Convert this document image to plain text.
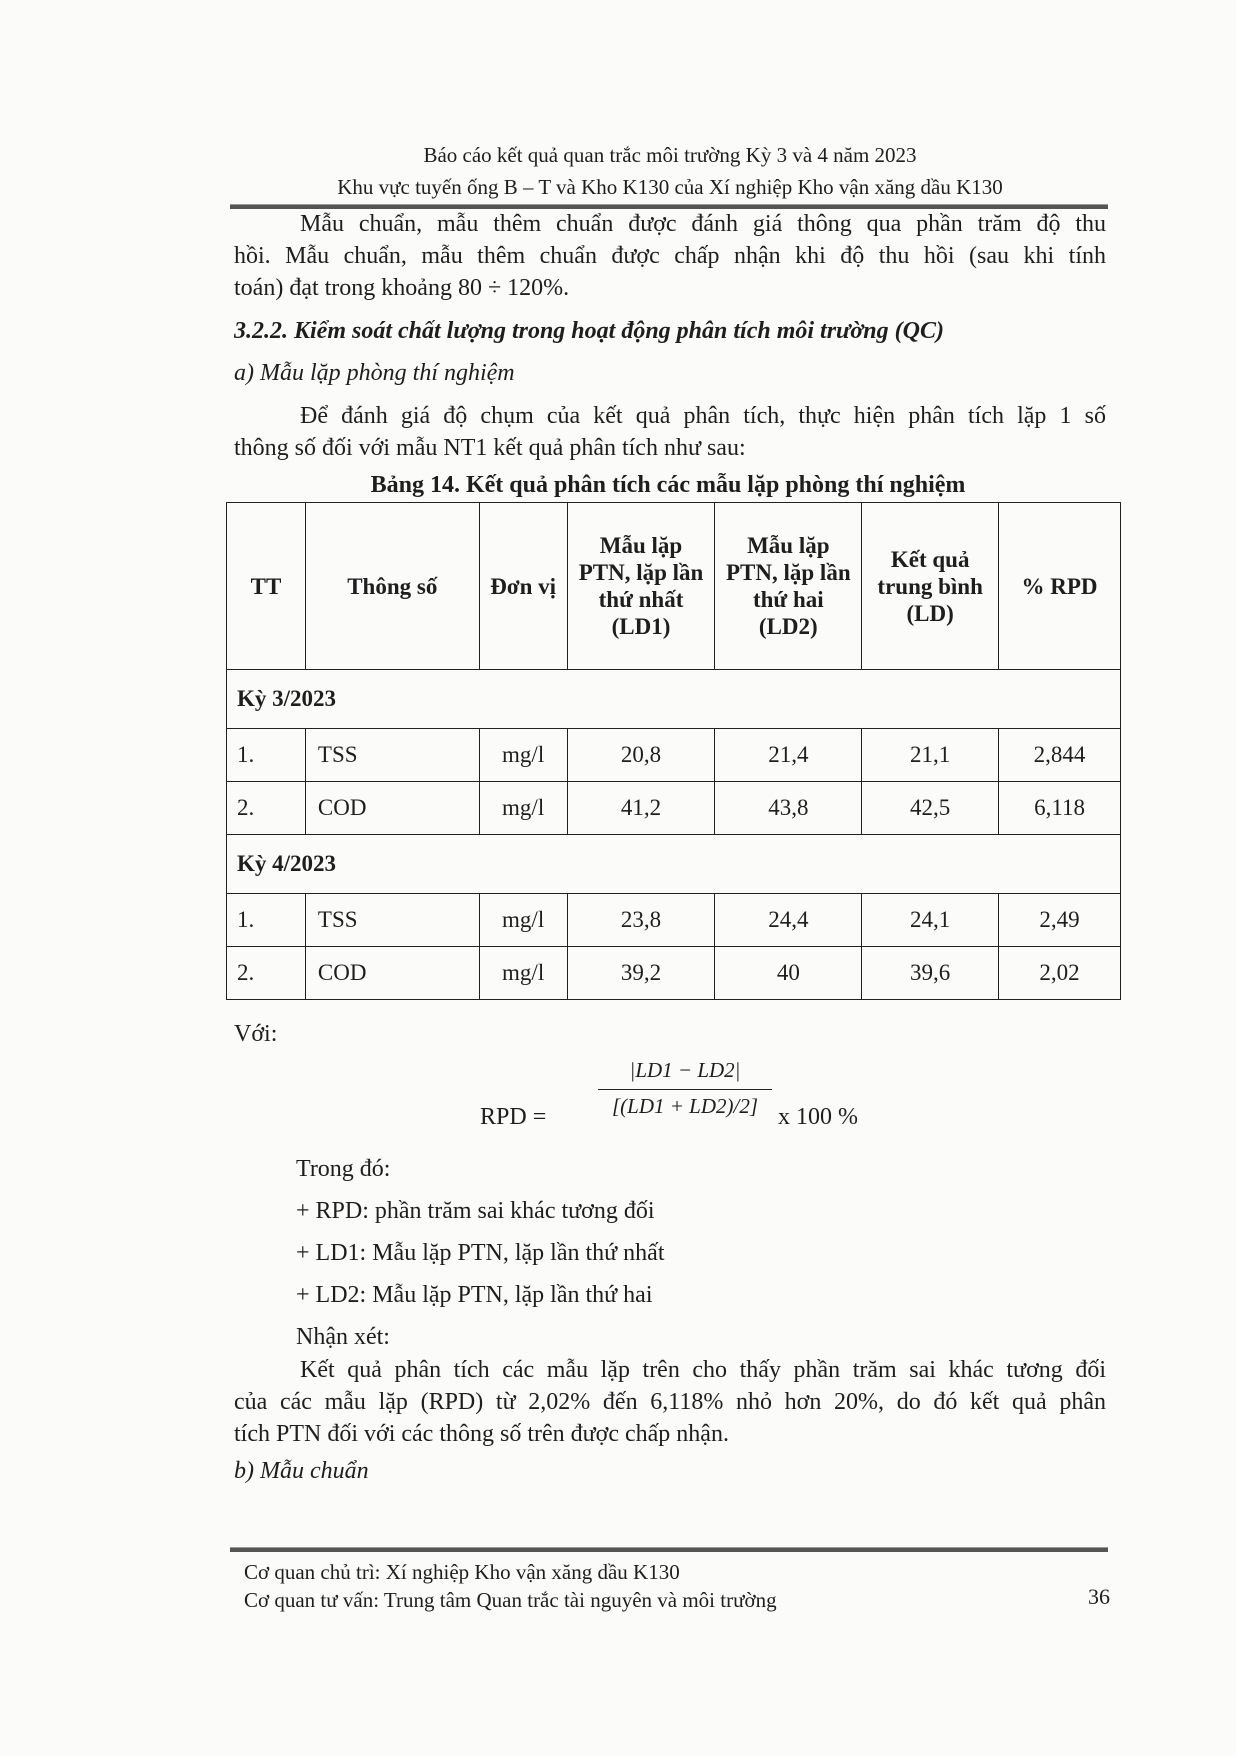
Báo cáo kết quả quan trắc môi trường Kỳ 3 và 4 năm 2023
Khu vực tuyến ống B – T và Kho K130 của Xí nghiệp Kho vận xăng dầu K130
Mẫu chuẩn, mẫu thêm chuẩn được đánh giá thông qua phần trăm độ thu
hồi. Mẫu chuẩn, mẫu thêm chuẩn được chấp nhận khi độ thu hồi (sau khi tính
toán) đạt trong khoảng 80 ÷ 120%.
3.2.2. Kiểm soát chất lượng trong hoạt động phân tích môi trường (QC)
a) Mẫu lặp phòng thí nghiệm
Để đánh giá độ chụm của kết quả phân tích, thực hiện phân tích lặp 1 số
thông số đối với mẫu NT1 kết quả phân tích như sau:
Bảng 14. Kết quả phân tích các mẫu lặp phòng thí nghiệm
TT	Thông số	Đơn vị	Mẫu lặp PTN, lặp lần thứ nhất (LD1)	Mẫu lặp PTN, lặp lần thứ hai (LD2)	Kết quả trung bình (LD)	% RPD
Kỳ 3/2023						
1.	TSS	mg/l	20,8	21,4	21,1	2,844
2.	COD	mg/l	41,2	43,8	42,5	6,118
Kỳ 4/2023						
1.	TSS	mg/l	23,8	24,4	24,1	2,49
2.	COD	mg/l	39,2	40	39,6	2,02
Với:
RPD =
|LD1 − LD2|
[(LD1 + LD2)/2] x 100 %
Trong đó:
+ RPD: phần trăm sai khác tương đối
+ LD1: Mẫu lặp PTN, lặp lần thứ nhất
+ LD2: Mẫu lặp PTN, lặp lần thứ hai
Nhận xét:
Kết quả phân tích các mẫu lặp trên cho thấy phần trăm sai khác tương đối
của các mẫu lặp (RPD) từ 2,02% đến 6,118% nhỏ hơn 20%, do đó kết quả phân
tích PTN đối với các thông số trên được chấp nhận.
b) Mẫu chuẩn
Cơ quan chủ trì: Xí nghiệp Kho vận xăng dầu K130
Cơ quan tư vấn: Trung tâm Quan trắc tài nguyên và môi trường	36
